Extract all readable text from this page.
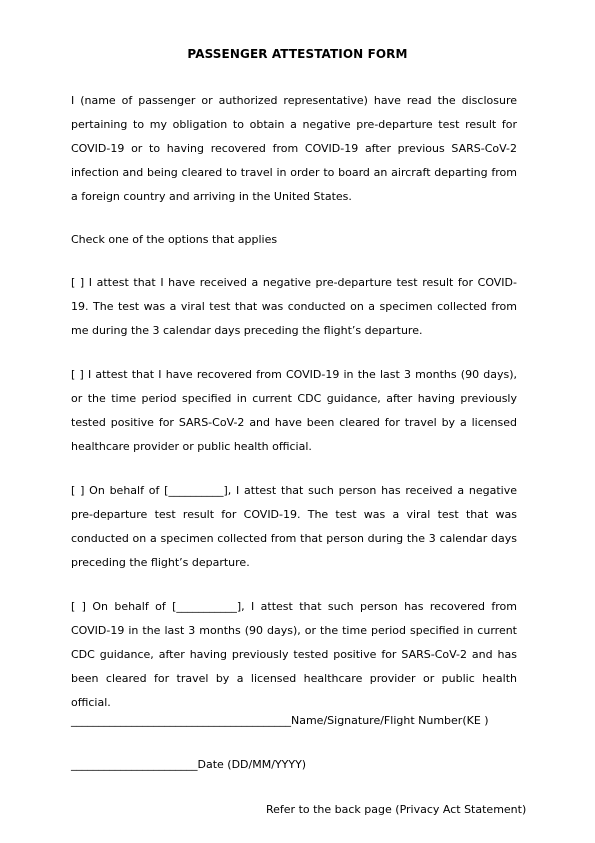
PASSENGER ATTESTATION FORM
I (name of passenger or authorized representative) have read the disclosure pertaining to my obligation to obtain a negative pre-departure test result for COVID-19 or to having recovered from COVID-19 after previous SARS-CoV-2 infection and being cleared to travel in order to board an aircraft departing from a foreign country and arriving in the United States.
Check one of the options that applies
[ ] I attest that I have received a negative pre-departure test result for COVID-19. The test was a viral test that was conducted on a specimen collected from me during the 3 calendar days preceding the flight’s departure.
[ ] I attest that I have recovered from COVID-19 in the last 3 months (90 days), or the time period specified in current CDC guidance, after having previously tested positive for SARS-CoV-2 and have been cleared for travel by a licensed healthcare provider or public health official.
[ ] On behalf of [__________], I attest that such person has received a negative pre-departure test result for COVID-19. The test was a viral test that was conducted on a specimen collected from that person during the 3 calendar days preceding the flight’s departure.
[ ] On behalf of [___________], I attest that such person has recovered from COVID-19 in the last 3 months (90 days), or the time period specified in current CDC guidance, after having previously tested positive for SARS-CoV-2 and has been cleared for travel by a licensed healthcare provider or public health official.
________________________________________Name/Signature/Flight Number(KE )
_______________________Date (DD/MM/YYYY)
Refer to the back page (Privacy Act Statement)
